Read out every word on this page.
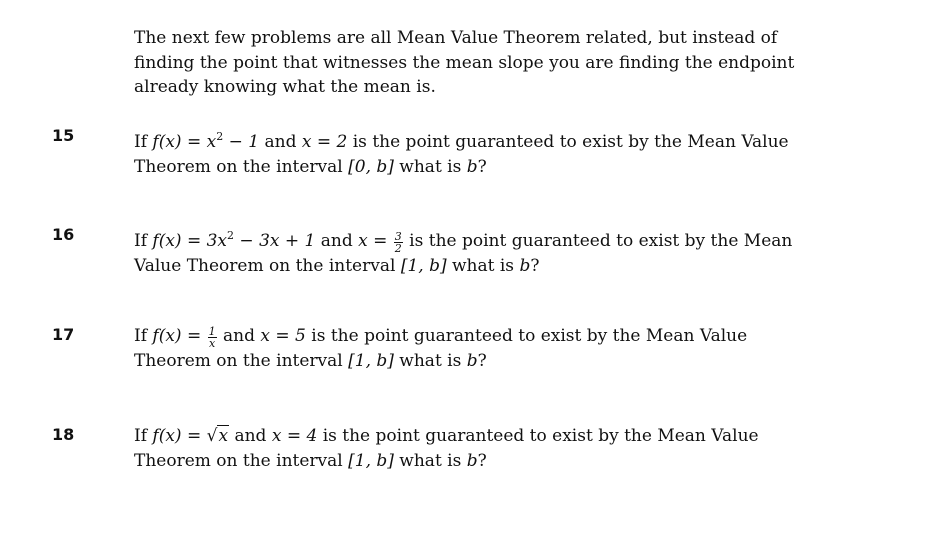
The next few problems are all Mean Value Theorem related, but instead of finding the point that witnesses the mean slope you are finding the endpoint already knowing what the mean is.
15	If $f(x) = x^2 - 1$ and x = 2 is the point guaranteed to exist by the Mean Value Theorem on the interval [0, b] what is b?
16	If $f(x) = 3x^2 - 3x + 1$ and $x = \frac{3}{2}$ is the point guaranteed to exist by the Mean Value Theorem on the interval [1, b] what is b?
17	If $f(x) = \frac{1}{x}$ and x = 5 is the point guaranteed to exist by the Mean Value Theorem on the interval [1, b] what is b?
18	If f(x) = √x and x = 4 is the point guaranteed to exist by the Mean Value Theorem on the interval [1, b] what is b?
